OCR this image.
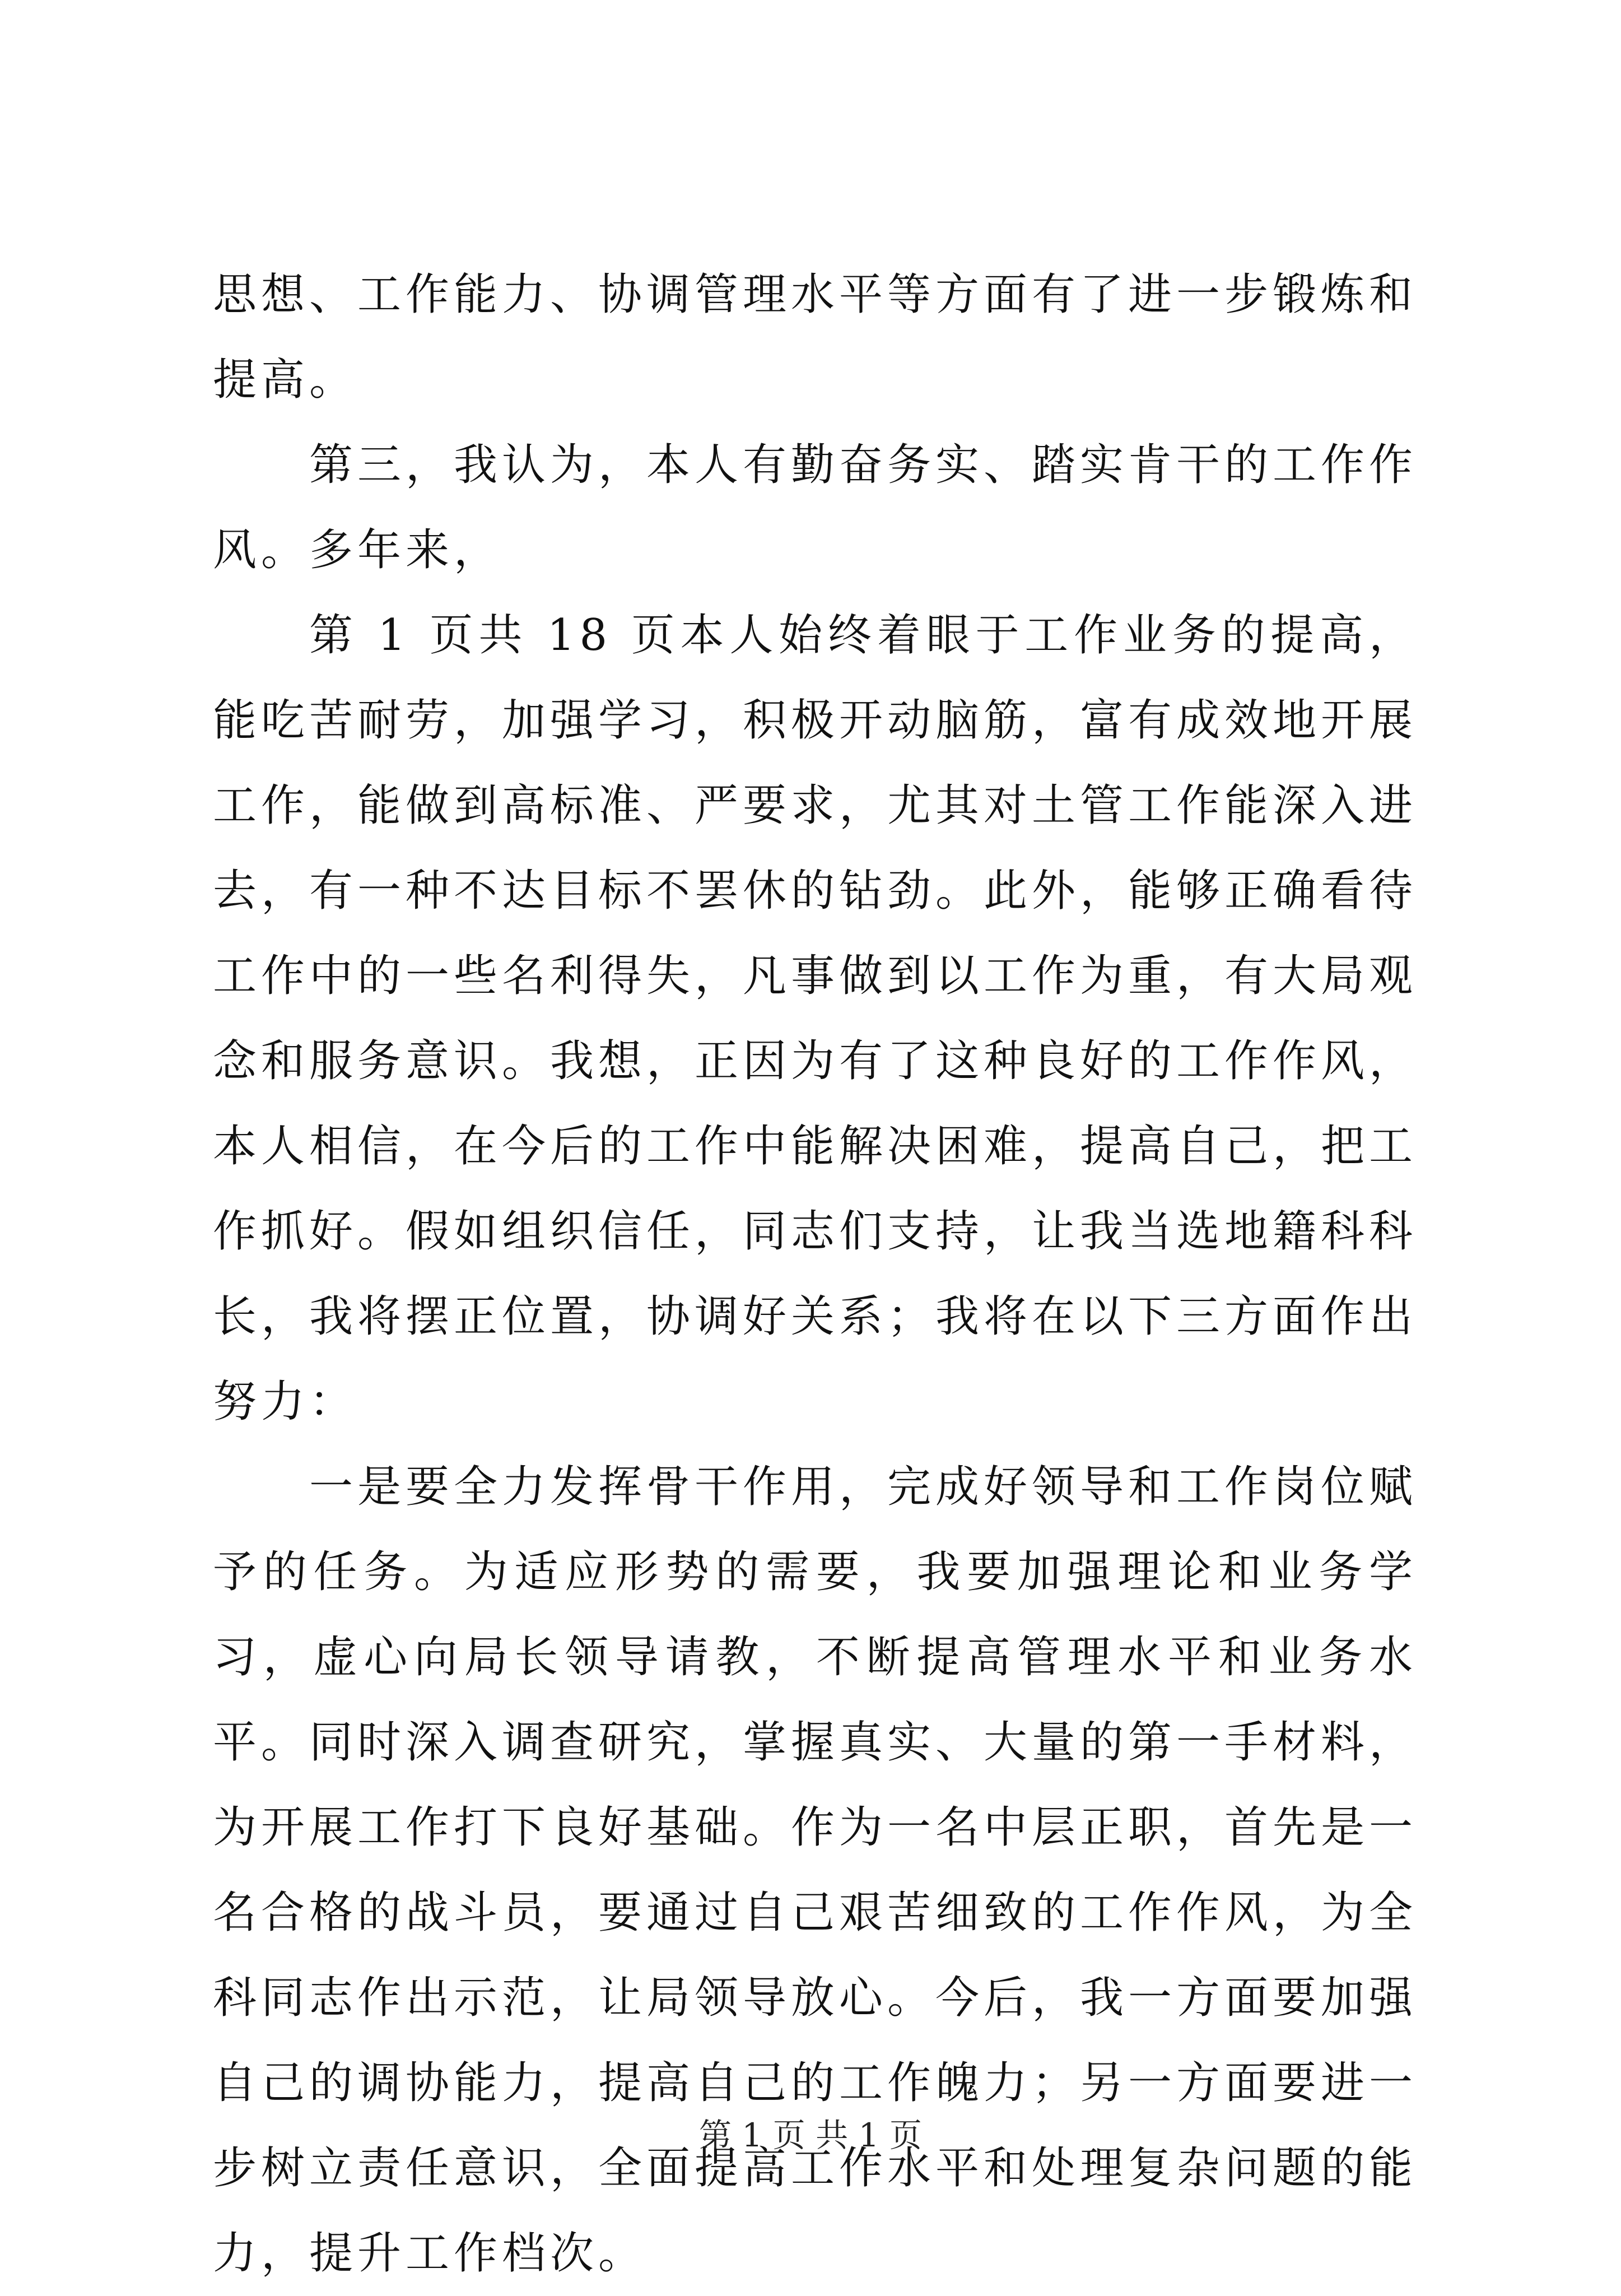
思想、工作能力、协调管理水平等方面有了进一步锻炼和提高。

第三，我认为，本人有勤奋务实、踏实肯干的工作作风。多年来，

第 1 页共 18 页本人始终着眼于工作业务的提高，能吃苦耐劳，加强学习，积极开动脑筋，富有成效地开展工作，能做到高标准、严要求，尤其对土管工作能深入进去，有一种不达目标不罢休的钻劲。此外，能够正确看待工作中的一些名利得失，凡事做到以工作为重，有大局观念和服务意识。我想，正因为有了这种良好的工作作风，本人相信，在今后的工作中能解决困难，提高自己，把工作抓好。假如组织信任，同志们支持，让我当选地籍科科长，我将摆正位置，协调好关系；我将在以下三方面作出努力：

一是要全力发挥骨干作用，完成好领导和工作岗位赋予的任务。为适应形势的需要，我要加强理论和业务学习，虚心向局长领导请教，不断提高管理水平和业务水平。同时深入调查研究，掌握真实、大量的第一手材料，为开展工作打下良好基础。作为一名中层正职，首先是一名合格的战斗员，要通过自己艰苦细致的工作作风，为全科同志作出示范，让局领导放心。今后，我一方面要加强自己的调协能力，提高自己的工作魄力；另一方面要进一步树立责任意识，全面提高工作水平和处理复杂问题的能力，提升工作档次。

第 1 页 共 1 页
